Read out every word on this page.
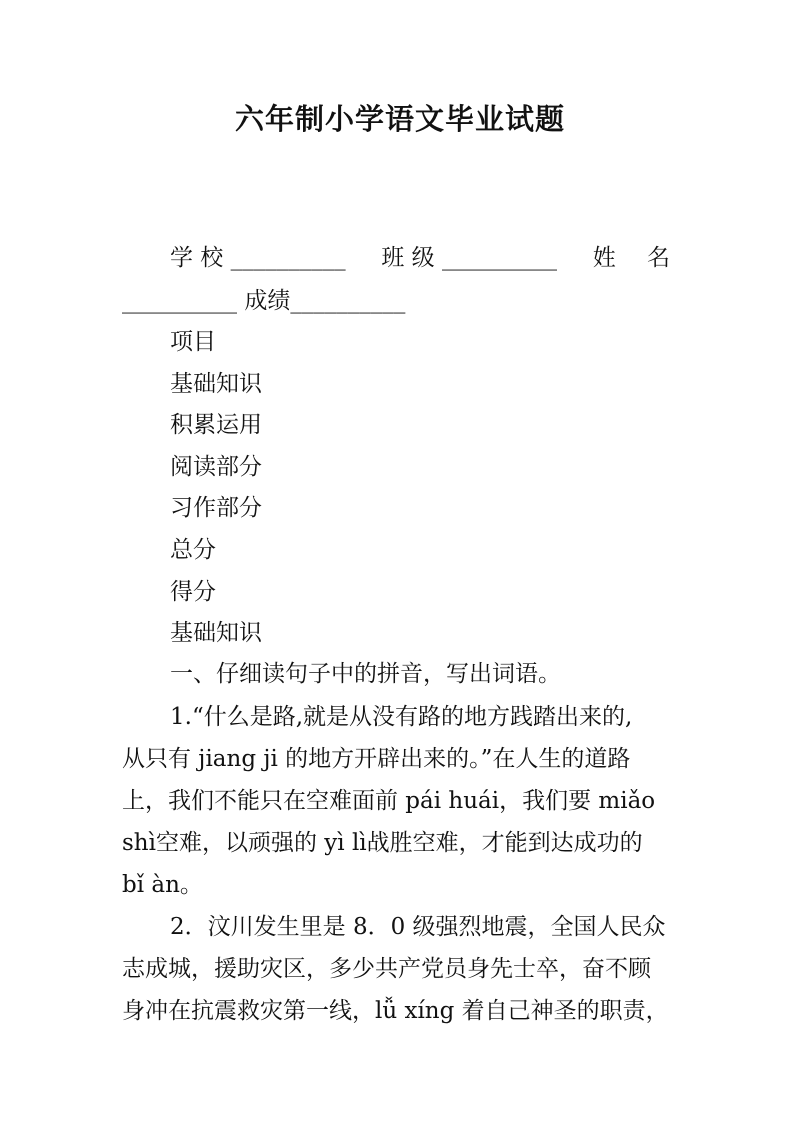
六年制小学语文毕业试题
学 校 __________ 班 级 __________ 姓 名
__________ 成绩__________
项目
基础知识
积累运用
阅读部分
习作部分
总分
得分
基础知识
一、仔细读句子中的拼音，写出词语。
1.“什么是路,就是从没有路的地方践踏出来的,
从只有 jiang ji 的地方开辟出来的。”在人生的道路
上，我们不能只在空难面前 pái huái，我们要 miǎo
shì空难，以顽强的 yì lì战胜空难，才能到达成功的
bǐ àn。
2．汶川发生里是 8．0 级强烈地震，全国人民众
志成城，援助灾区，多少共产党员身先士卒，奋不顾
身冲在抗震救灾第一线，lǚ xíng 着自己神圣的职责，
